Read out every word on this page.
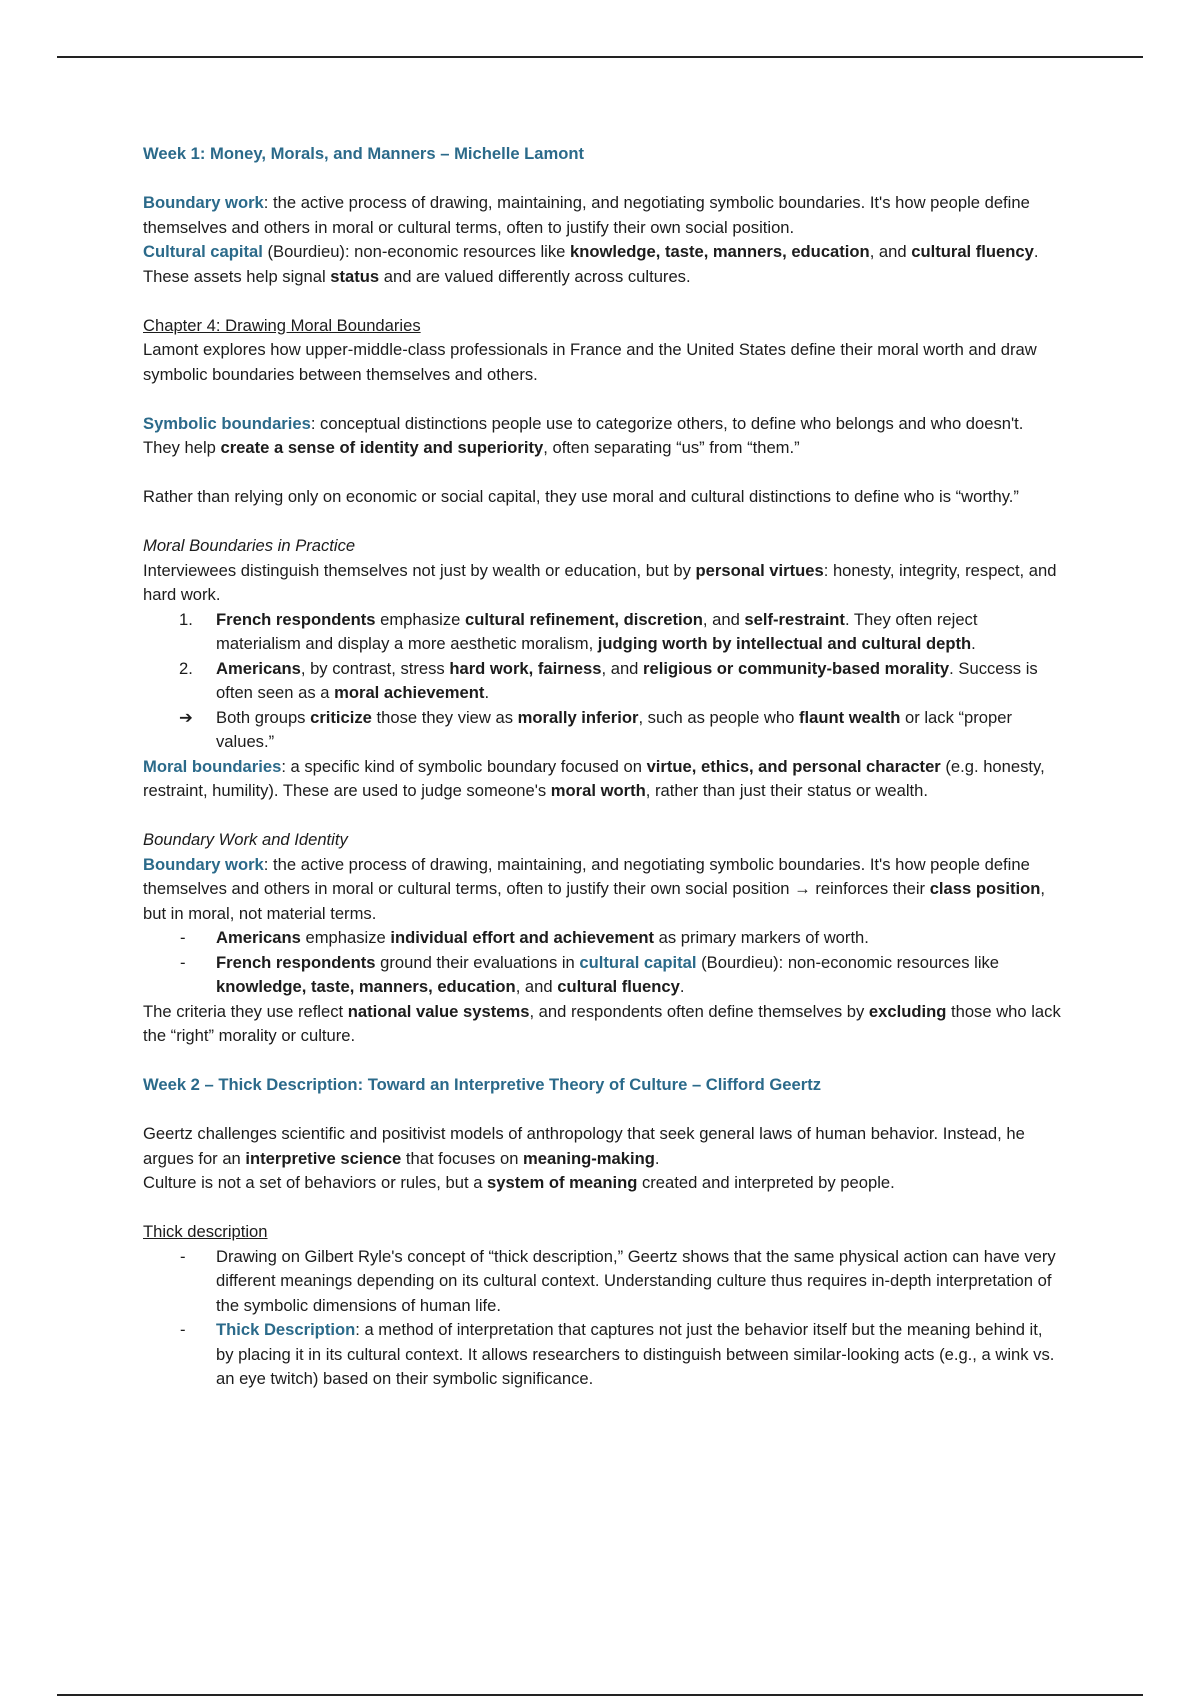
Week 1: Money, Morals, and Manners – Michelle Lamont

Boundary work: the active process of drawing, maintaining, and negotiating symbolic boundaries. It's how people define themselves and others in moral or cultural terms, often to justify their own social position.

Cultural capital (Bourdieu): non-economic resources like knowledge, taste, manners, education, and cultural fluency. These assets help signal status and are valued differently across cultures.

Chapter 4: Drawing Moral Boundaries

Lamont explores how upper-middle-class professionals in France and the United States define their moral worth and draw symbolic boundaries between themselves and others.

Symbolic boundaries: conceptual distinctions people use to categorize others, to define who belongs and who doesn't. They help create a sense of identity and superiority, often separating “us” from “them.”

Rather than relying only on economic or social capital, they use moral and cultural distinctions to define who is “worthy.”

Moral Boundaries in Practice

Interviewees distinguish themselves not just by wealth or education, but by personal virtues: honesty, integrity, respect, and hard work.

1.	French respondents emphasize cultural refinement, discretion, and self-restraint. They often reject materialism and display a more aesthetic moralism, judging worth by intellectual and cultural depth.
2.	Americans, by contrast, stress hard work, fairness, and religious or community-based morality. Success is often seen as a moral achievement.
➔	Both groups criticize those they view as morally inferior, such as people who flaunt wealth or lack “proper values.”

Moral boundaries: a specific kind of symbolic boundary focused on virtue, ethics, and personal character (e.g. honesty, restraint, humility). These are used to judge someone's moral worth, rather than just their status or wealth.

Boundary Work and Identity

Boundary work: the active process of drawing, maintaining, and negotiating symbolic boundaries. It's how people define themselves and others in moral or cultural terms, often to justify their own social position → reinforces their class position, but in moral, not material terms.

-	Americans emphasize individual effort and achievement as primary markers of worth.
-	French respondents ground their evaluations in cultural capital (Bourdieu): non-economic resources like knowledge, taste, manners, education, and cultural fluency.

The criteria they use reflect national value systems, and respondents often define themselves by excluding those who lack the “right” morality or culture.

Week 2 – Thick Description: Toward an Interpretive Theory of Culture – Clifford Geertz

Geertz challenges scientific and positivist models of anthropology that seek general laws of human behavior. Instead, he argues for an interpretive science that focuses on meaning-making.

Culture is not a set of behaviors or rules, but a system of meaning created and interpreted by people.

Thick description

-	Drawing on Gilbert Ryle's concept of “thick description,” Geertz shows that the same physical action can have very different meanings depending on its cultural context. Understanding culture thus requires in-depth interpretation of the symbolic dimensions of human life.
-	Thick Description: a method of interpretation that captures not just the behavior itself but the meaning behind it, by placing it in its cultural context. It allows researchers to distinguish between similar-looking acts (e.g., a wink vs. an eye twitch) based on their symbolic significance.
